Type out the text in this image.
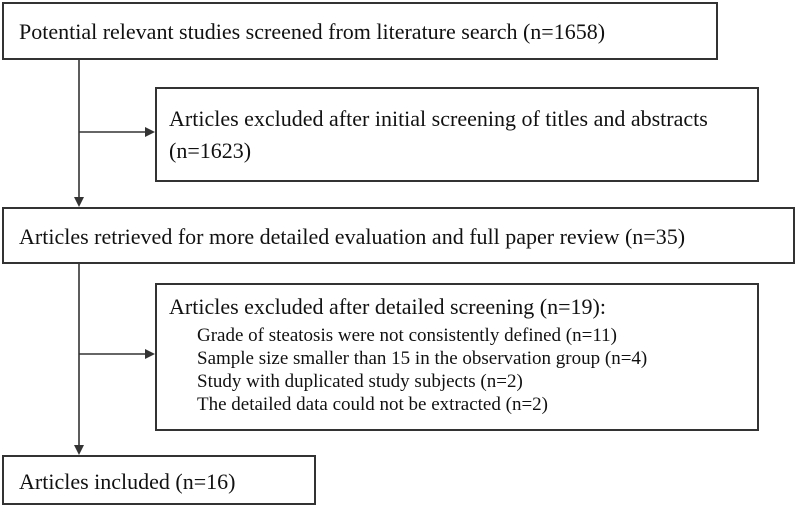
Potential relevant studies screened from literature search (n=1658)
Articles excluded after initial screening of titles and abstracts (n=1623)
Articles retrieved for more detailed evaluation and full paper review (n=35)
Articles excluded after detailed screening (n=19):
Grade of steatosis were not consistently defined (n=11)
Sample size smaller than 15 in the observation group (n=4)
Study with duplicated study subjects (n=2)
The detailed data could not be extracted (n=2)
Articles included (n=16)
